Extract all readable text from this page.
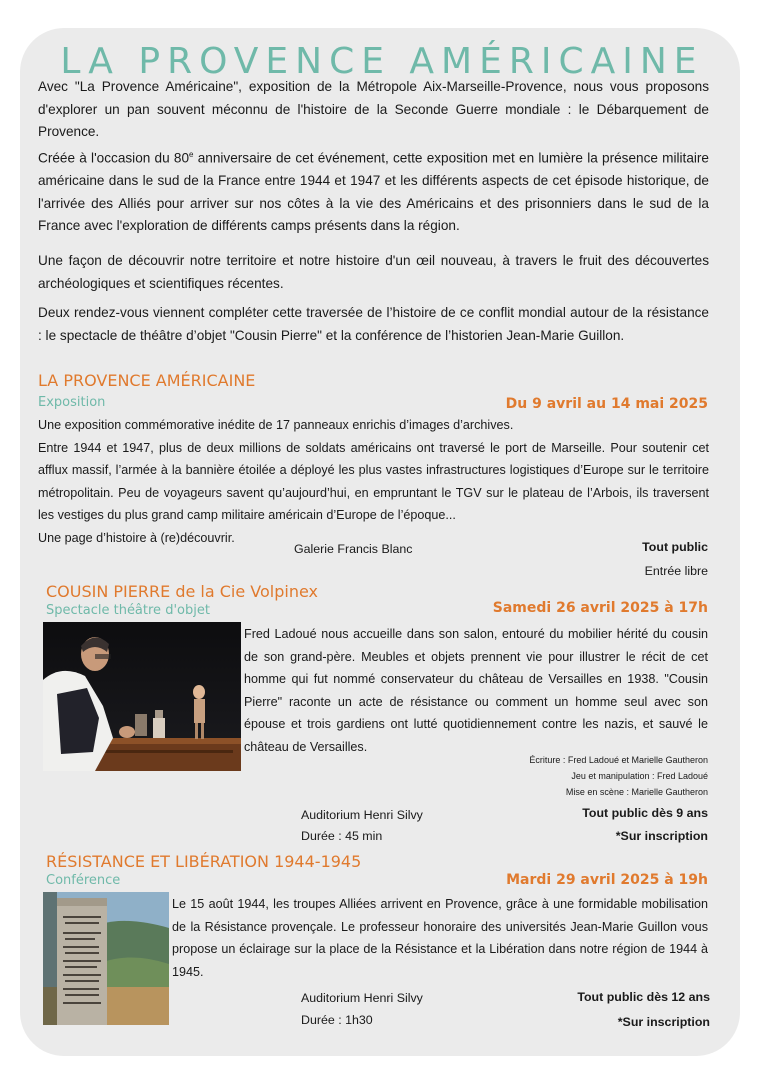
LA PROVENCE AMÉRICAINE

Avec "La Provence Américaine", exposition de la Métropole Aix-Marseille-Provence, nous vous proposons d'explorer un pan souvent méconnu de l'histoire de la Seconde Guerre mondiale : le Débarquement de Provence.

Créée à l'occasion du 80e anniversaire de cet événement, cette exposition met en lumière la présence militaire américaine dans le sud de la France entre 1944 et 1947 et les différents aspects de cet épisode historique, de l'arrivée des Alliés pour arriver sur nos côtes à la vie des Américains et des prisonniers dans le sud de la France avec l'exploration de différents camps présents dans la région.

Une façon de découvrir notre territoire et notre histoire d'un œil nouveau, à travers le fruit des découvertes archéologiques et scientifiques récentes.
Deux rendez-vous viennent compléter cette traversée de l’histoire de ce conflit mondial autour de la résistance : le spectacle de théâtre d’objet "Cousin Pierre" et la conférence de l’historien Jean-Marie Guillon.
LA PROVENCE AMÉRICAINE
Exposition	Du 9 avril au 14 mai 2025

Une exposition commémorative inédite de 17 panneaux enrichis d’images d’archives.

Entre 1944 et 1947, plus de deux millions de soldats américains ont traversé le port de Marseille. Pour soutenir cet afflux massif, l’armée à la bannière étoilée a déployé les plus vastes infrastructures logistiques d’Europe sur le territoire métropolitain. Peu de voyageurs savent qu’aujourd’hui, en empruntant le TGV sur le plateau de l’Arbois, ils traversent les vestiges du plus grand camp militaire américain d’Europe de l’époque...

Une page d’histoire à (re)découvrir.

Galerie Francis Blanc	Tout public
Entrée libre
COUSIN PIERRE de la Cie Volpinex
Spectacle théâtre d'objet	Samedi 26 avril 2025 à 17h
Fred Ladoué nous accueille dans son salon, entouré du mobilier hérité du cousin de son grand-père. Meubles et objets prennent vie pour illustrer le récit de cet homme qui fut nommé conservateur du château de Versailles en 1938. "Cousin Pierre" raconte un acte de résistance ou comment un homme seul avec son épouse et trois gardiens ont lutté quotidiennement contre les nazis, et sauvé le château de Versailles.
Écriture : Fred Ladoué et Marielle Gautheron
Jeu et manipulation : Fred Ladoué
Mise en scène : Marielle Gautheron
Auditorium Henri Silvy
Durée : 45 min
Tout public dès 9 ans
*Sur inscription
RÉSISTANCE ET LIBÉRATION 1944-1945
Conférence	Mardi 29 avril 2025 à 19h
Le 15 août 1944, les troupes Alliées arrivent en Provence, grâce à une formidable mobilisation de la Résistance provençale. Le professeur honoraire des universités Jean-Marie Guillon vous propose un éclairage sur la place de la Résistance et la Libération dans notre région de 1944 à 1945.
Auditorium Henri Silvy
Durée : 1h30
Tout public dès 12 ans
*Sur inscription
